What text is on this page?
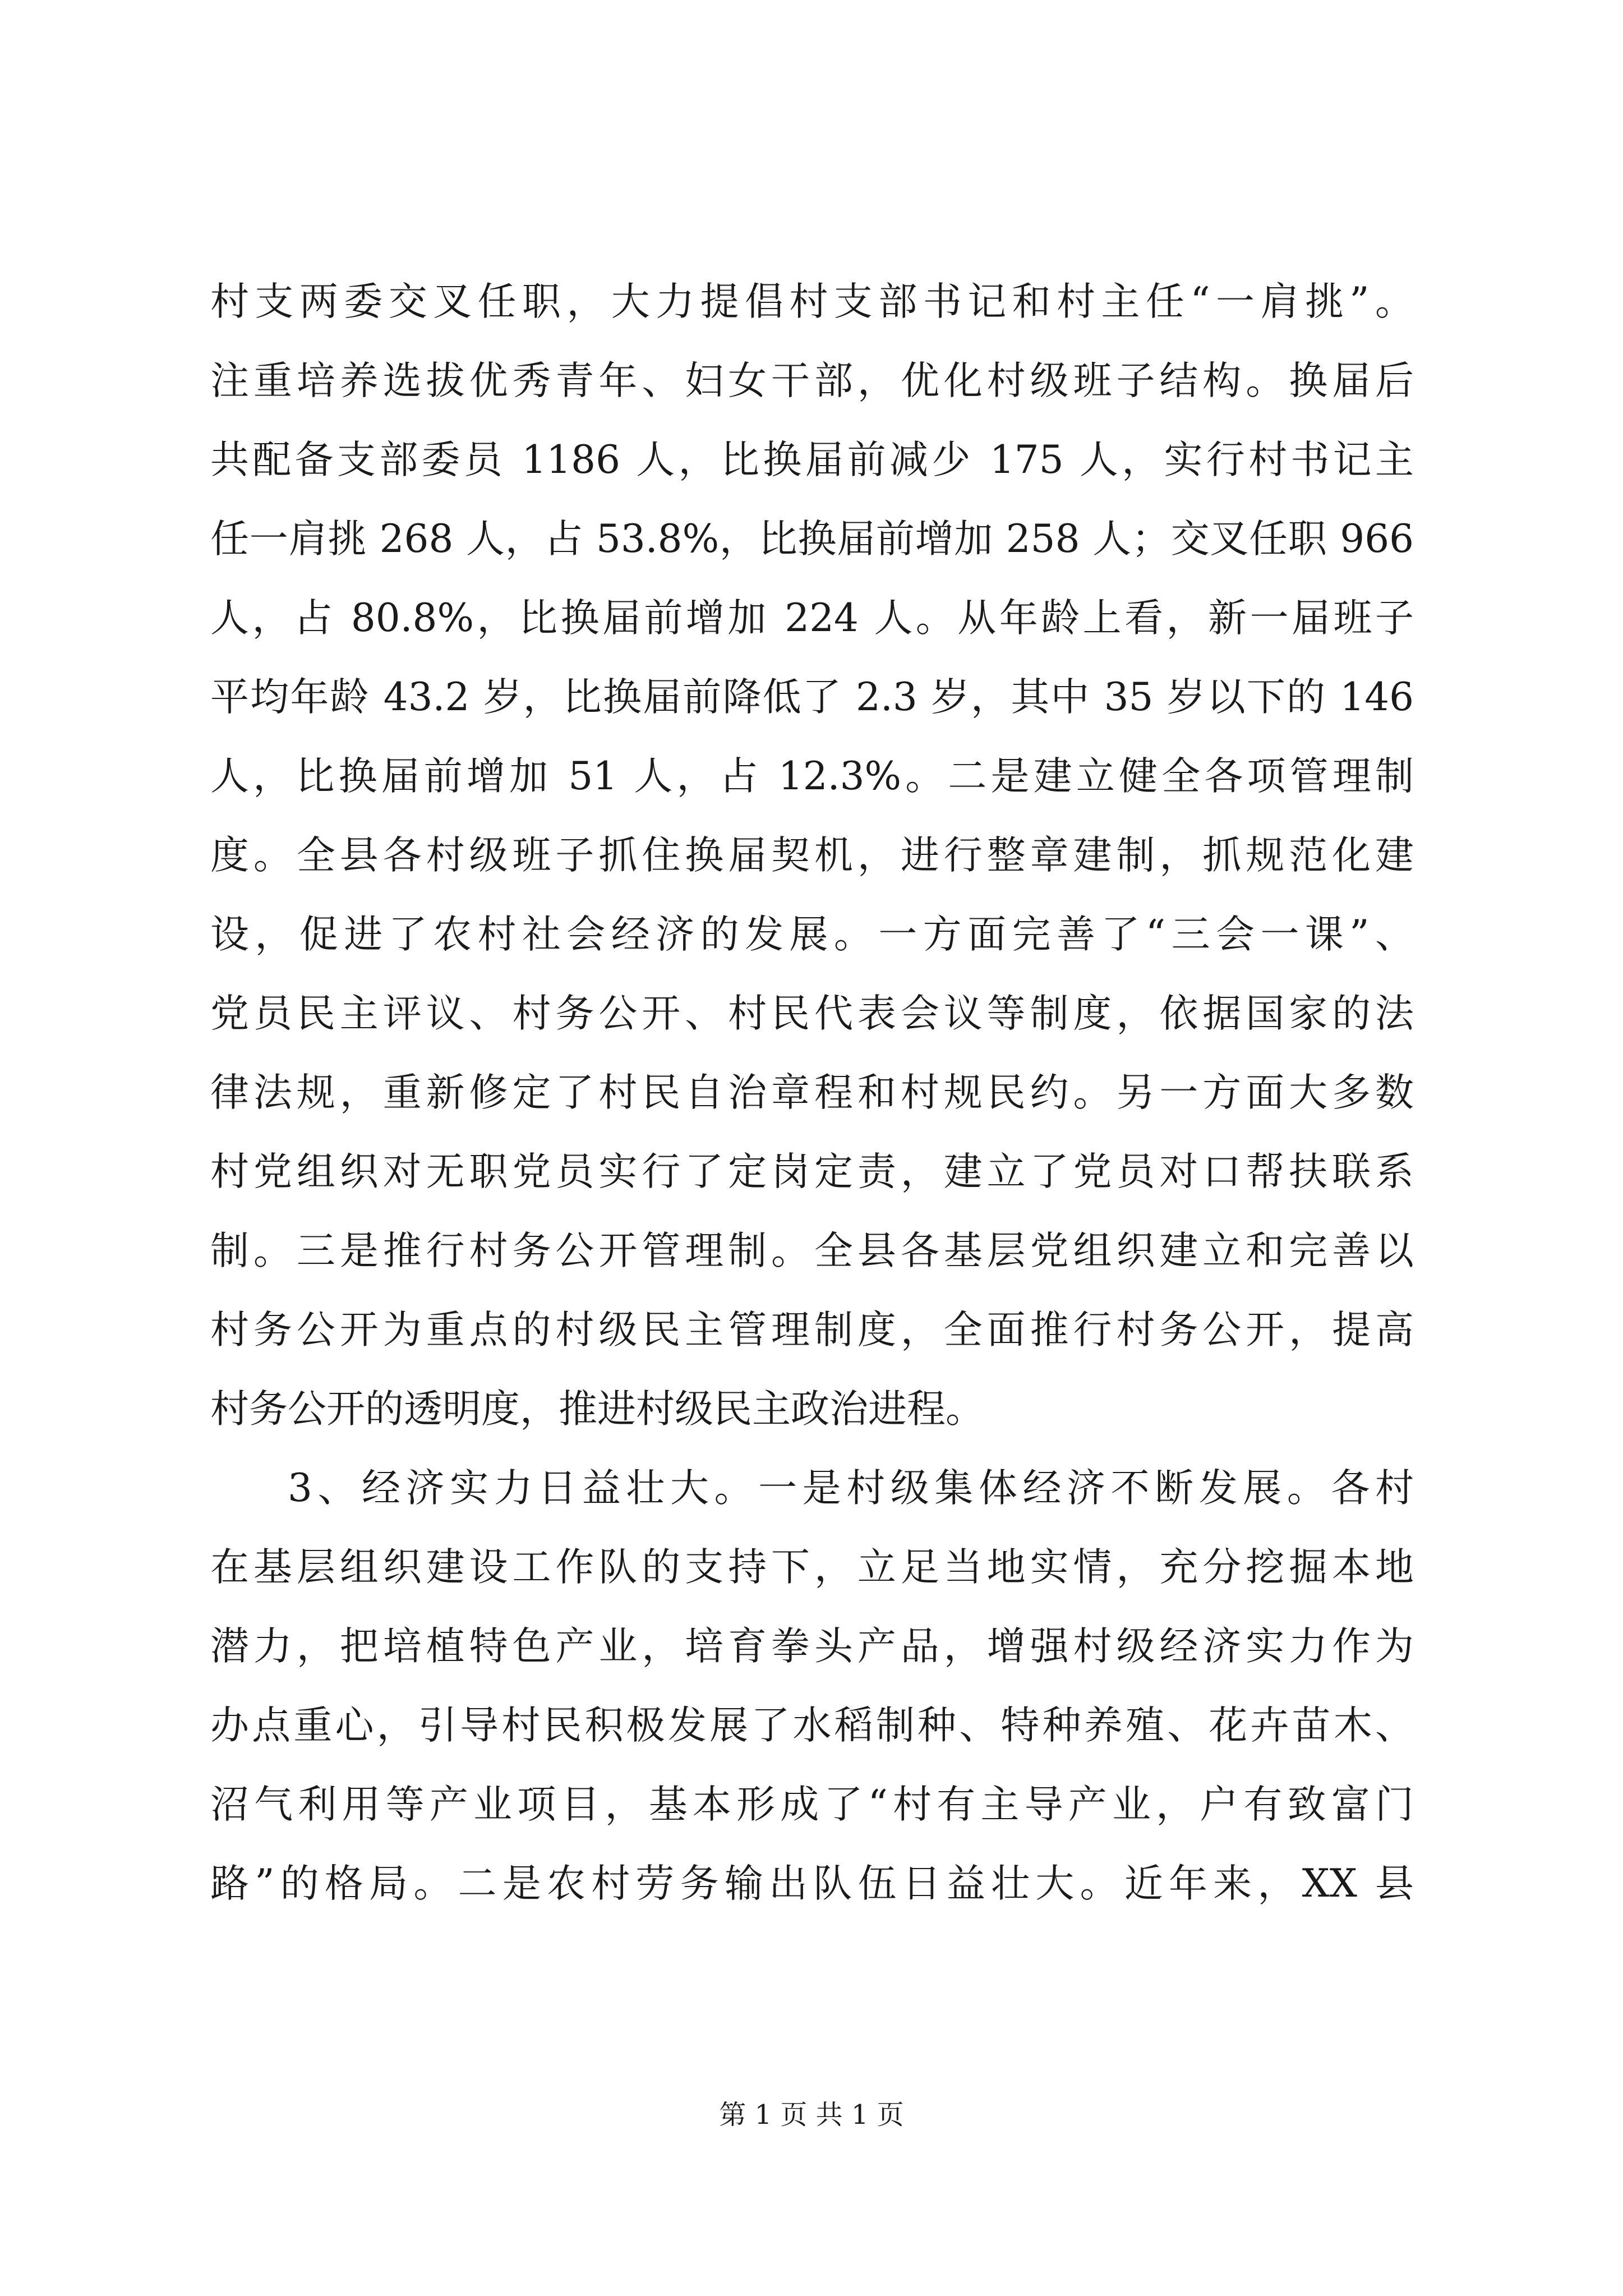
村支两委交叉任职，大力提倡村支部书记和村主任“一肩挑”。
注重培养选拔优秀青年、妇女干部，优化村级班子结构。换届后
共配备支部委员 1186 人，比换届前减少 175 人，实行村书记主
任一肩挑 268 人，占 53.8%，比换届前增加 258 人；交叉任职 966
人，占 80.8%，比换届前增加 224 人。从年龄上看，新一届班子
平均年龄 43.2 岁，比换届前降低了 2.3 岁，其中 35 岁以下的 146
人，比换届前增加 51 人，占 12.3%。二是建立健全各项管理制
度。全县各村级班子抓住换届契机，进行整章建制，抓规范化建
设，促进了农村社会经济的发展。一方面完善了“三会一课”、
党员民主评议、村务公开、村民代表会议等制度，依据国家的法
律法规，重新修定了村民自治章程和村规民约。另一方面大多数
村党组织对无职党员实行了定岗定责，建立了党员对口帮扶联系
制。三是推行村务公开管理制。全县各基层党组织建立和完善以
村务公开为重点的村级民主管理制度，全面推行村务公开，提高
村务公开的透明度，推进村级民主政治进程。
3、经济实力日益壮大。一是村级集体经济不断发展。各村
在基层组织建设工作队的支持下，立足当地实情，充分挖掘本地
潜力，把培植特色产业，培育拳头产品，增强村级经济实力作为
办点重心，引导村民积极发展了水稻制种、特种养殖、花卉苗木、
沼气利用等产业项目，基本形成了“村有主导产业，户有致富门
路”的格局。二是农村劳务输出队伍日益壮大。近年来，XX 县
第 1 页 共 1 页
